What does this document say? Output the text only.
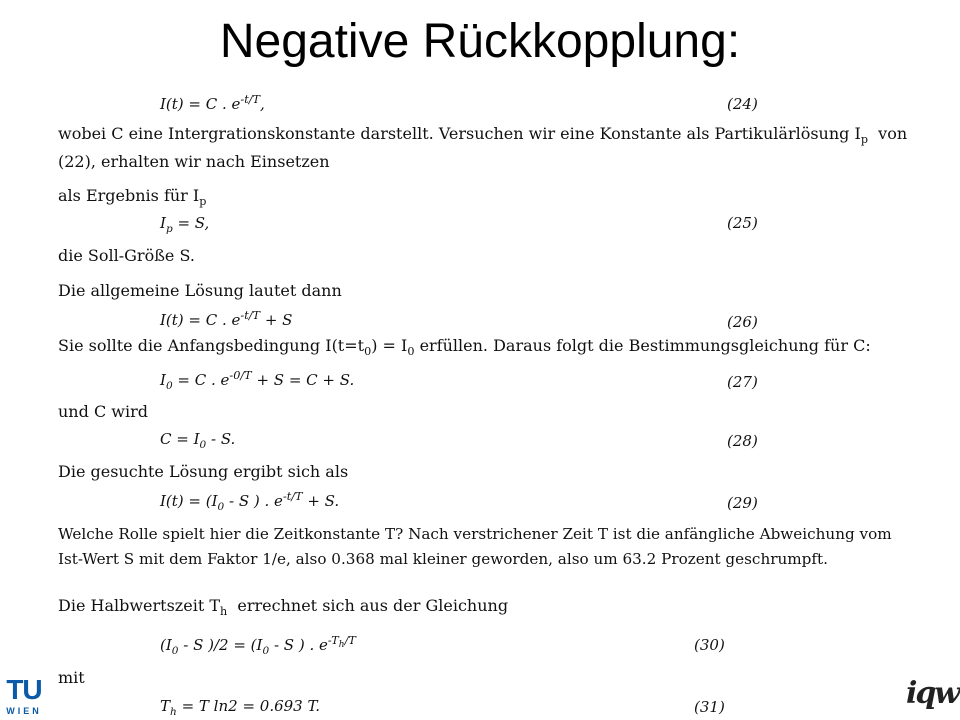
Negative Rückkopplung:
I(t) = C . $e^{-t/T}$,	(24)
wobei C eine Intergrationskonstante darstellt. Versuchen wir eine Konstante als Partikulärlösung $I_p$ von
(22), erhalten wir nach Einsetzen
als Ergebnis für $I_p$
$I_p = S$,	(25)
die Soll-Größe S.
Die allgemeine Lösung lautet dann
I(t) = C . $e^{-t/T} + S$	(26)
Sie sollte die Anfangsbedingung $I(t=t_0) = I_0$ erfüllen. Daraus folgt die Bestimmungsgleichung für C:
$I_0 = C$ . $e^{-0/T} + S = C + S$.	(27)
und C wird
$C = I_0 - S$.	(28)
Die gesuchte Lösung ergibt sich als
$I(t) = (I_0 - S$ ) . $e^{-t/T} + S$.	(29)
Welche Rolle spielt hier die Zeitkonstante T? Nach verstrichener Zeit T ist die anfängliche Abweichung vom
Ist-Wert S mit dem Faktor 1/e, also 0.368 mal kleiner geworden, also um 63.2 Prozent geschrumpft.
Die Halbwertszeit $T_h$ errechnet sich aus der Gleichung
($I_0$ - S )$/2 = (I_0 - S$ ) . $e^{-T_h/T}$	(30)
mit
$T_h = T$ ln2 = 0.693 T.	(31)
TU
WIEN	iqw
